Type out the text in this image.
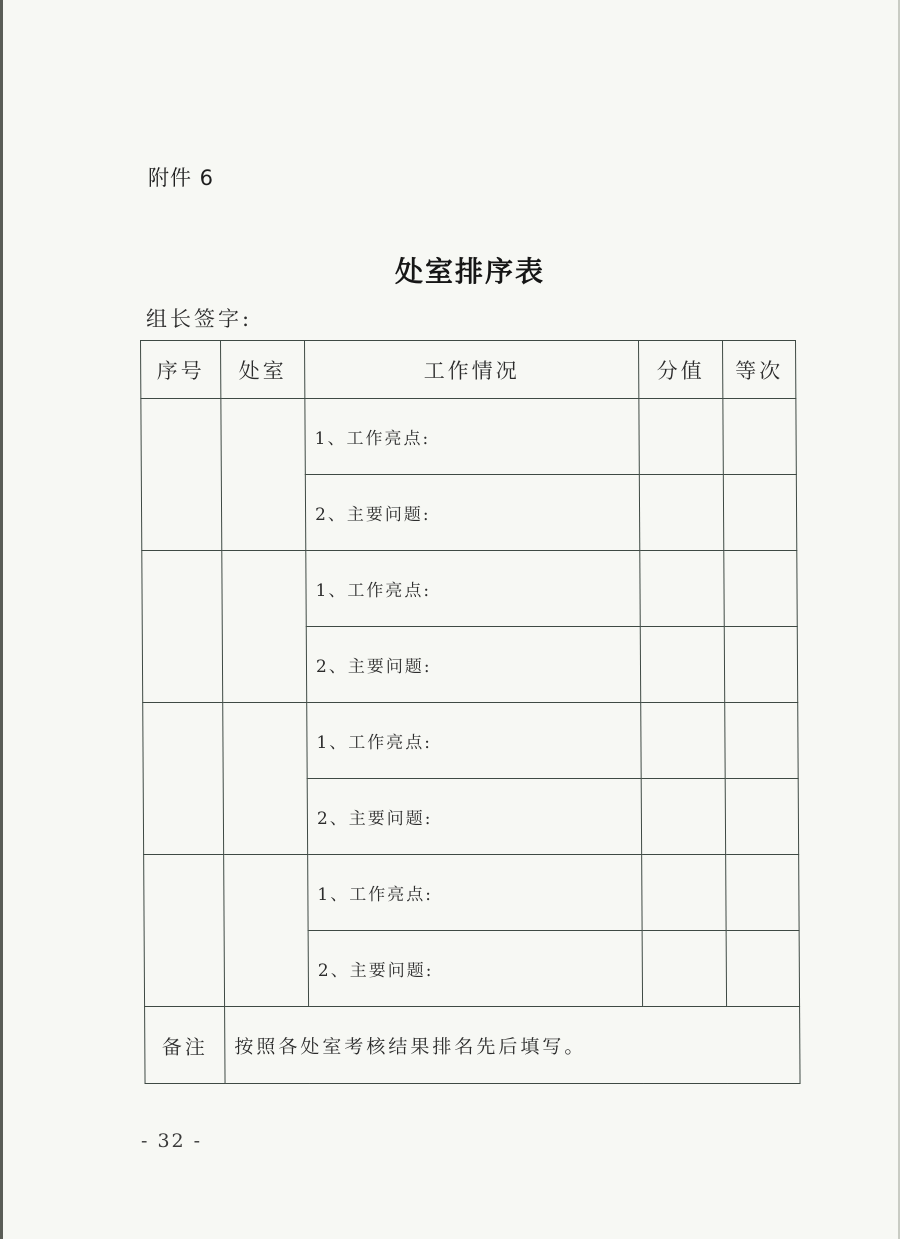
附件 6
处室排序表
组长签字:
序号	处室	工作情况	分值	等次
		1、工作亮点:		
		2、主要问题:		
		1、工作亮点:		
		2、主要问题:		
		1、工作亮点:		
		2、主要问题:		
		1、工作亮点:		
		2、主要问题:		
备注	按照各处室考核结果排名先后填写。			
- 32 -
